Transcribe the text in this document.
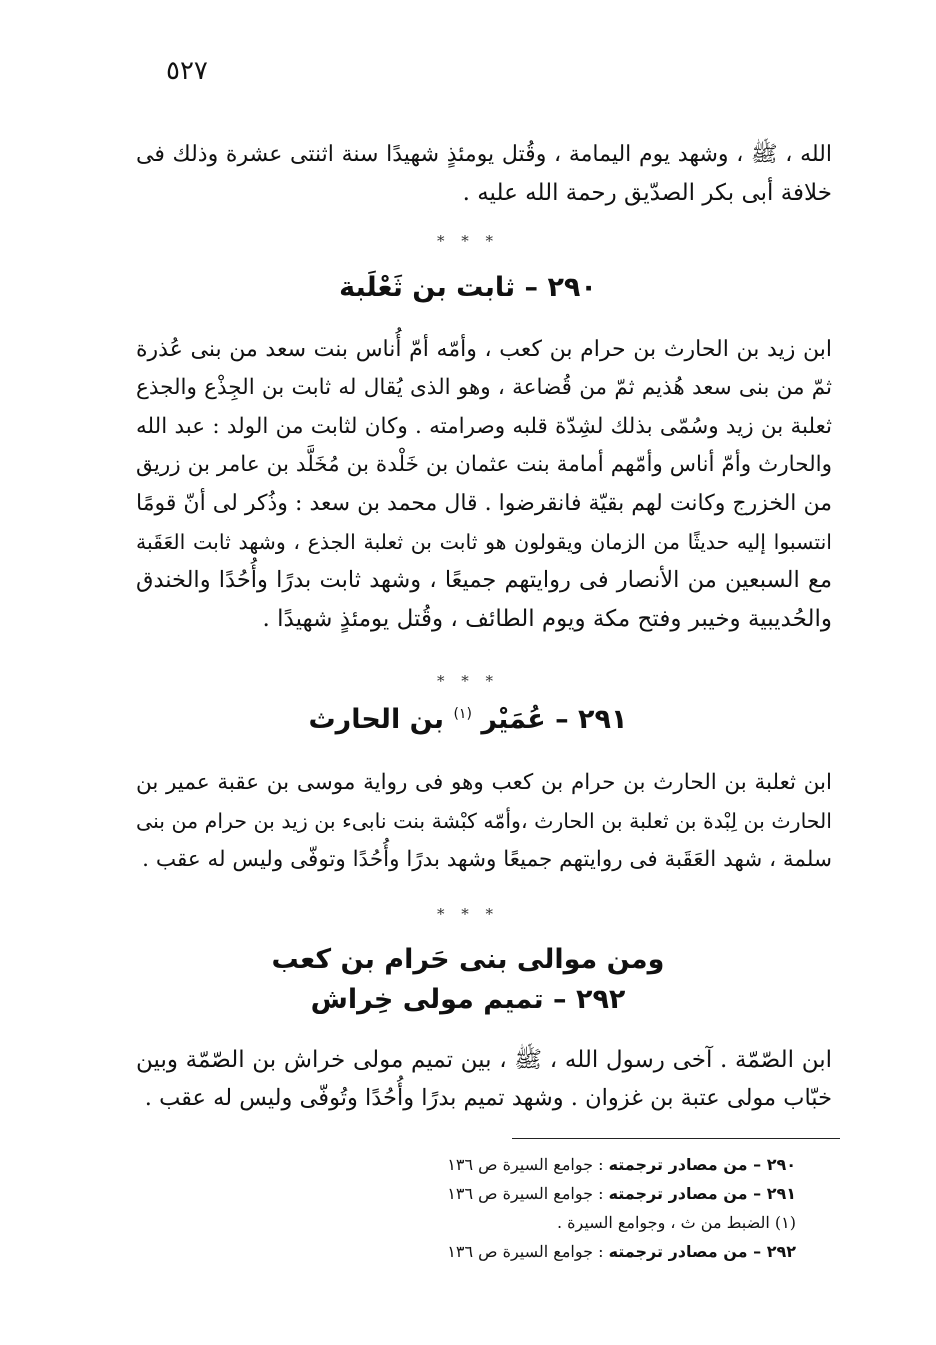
٥٢٧
الله ، ﷺ ، وشهد يوم اليمامة ، وقُتل يومئذٍ شهيدًا سنة اثنتى عشرة وذلك فى
خلافة أبى بكر الصدّيق رحمة الله عليه .
* * *
٢٩٠ – ثابت بن ثَعْلَبة
ابن زيد بن الحارث بن حرام بن كعب ، وأمّه أمّ أُناس بنت سعد من بنى عُذرة
ثمّ من بنى سعد هُذيم ثمّ من قُضاعة ، وهو الذى يُقال له ثابت بن الجِذْع والجذع
ثعلبة بن زيد وسُمّى بذلك لشِدّة قلبه وصرامته . وكان لثابت من الولد : عبد الله
والحارث وأمّ أناس وأمّهم أمامة بنت عثمان بن خَلْدة بن مُخَلَّد بن عامر بن زريق
من الخزرج وكانت لهم بقيّة فانقرضوا . قال محمد بن سعد : وذُكر لى أنّ قومًا
انتسبوا إليه حديثًا من الزمان ويقولون هو ثابت بن ثعلبة الجذع ، وشهد ثابت العَقَبة
مع السبعين من الأنصار فى روايتهم جميعًا ، وشهد ثابت بدرًا وأُحُدًا والخندق
والحُديبية وخيبر وفتح مكة ويوم الطائف ، وقُتل يومئذٍ شهيدًا .
* * *
٢٩١ – عُمَيْر $^{(١)}$ بن الحارث
ابن ثعلبة بن الحارث بن حرام بن كعب وهو فى رواية موسى بن عقبة عمير بن
الحارث بن لِبْدة بن ثعلبة بن الحارث ،وأمّه كبْشة بنت نابىء بن زيد بن حرام من بنى
سلمة ، شهد العَقَبة فى روايتهم جميعًا وشهد بدرًا وأُحُدًا وتوفّى وليس له عقب .
* * *
ومن موالى بنى حَرام بن كعب
٢٩٢ – تميم مولى خِراش
ابن الصّمّة . آخى رسول الله ، ﷺ ، بين تميم مولى خراش بن الصّمّة وبين
خبّاب مولى عتبة بن غزوان . وشهد تميم بدرًا وأُحُدًا وتُوفّى وليس له عقب .
٢٩٠ – من مصادر ترجمته : جوامع السيرة ص ١٣٦
٢٩١ – من مصادر ترجمته : جوامع السيرة ص ١٣٦
(١) الضبط من ث ، وجوامع السيرة .
٢٩٢ – من مصادر ترجمته : جوامع السيرة ص ١٣٦
